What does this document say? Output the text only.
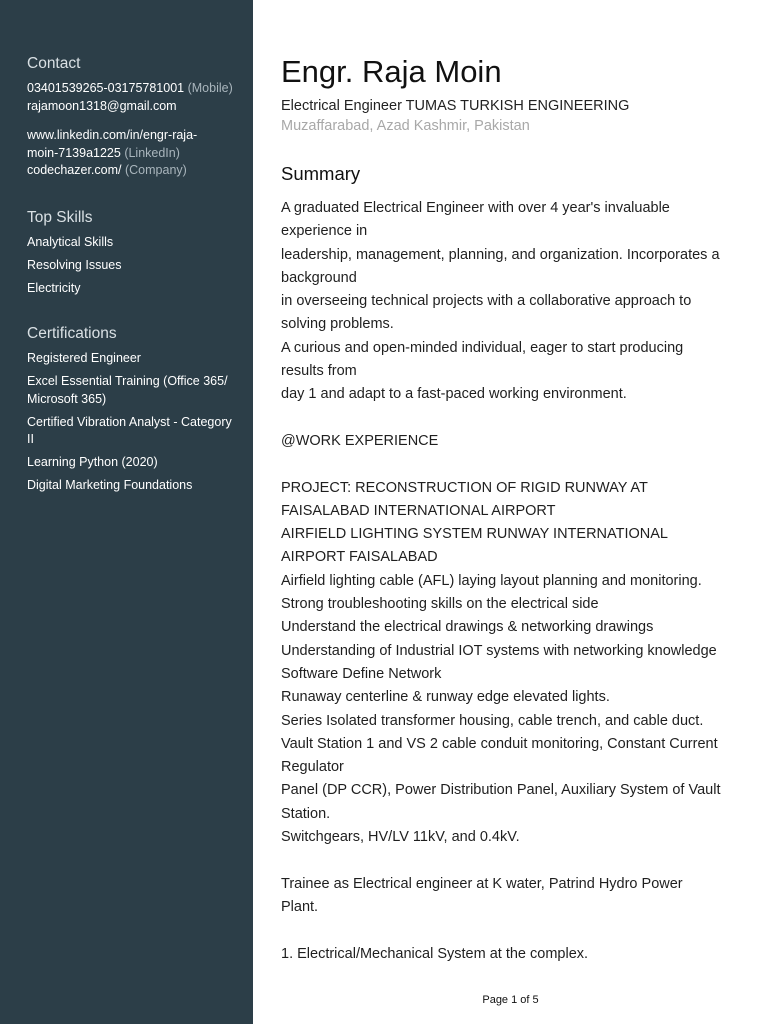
Contact
03401539265-03175781001 (Mobile)
rajamoon1318@gmail.com
www.linkedin.com/in/engr-raja-
moin-7139a1225 (LinkedIn)
codechazer.com/ (Company)
Top Skills
Analytical Skills
Resolving Issues
Electricity
Certifications
Registered Engineer
Excel Essential Training (Office 365/
Microsoft 365)
Certified Vibration Analyst - Category
II
Learning Python (2020)
Digital Marketing Foundations
Engr. Raja Moin
Electrical Engineer TUMAS TURKISH ENGINEERING
Muzaffarabad, Azad Kashmir, Pakistan
Summary
A graduated Electrical Engineer with over 4 year's invaluable
experience in
leadership, management, planning, and organization. Incorporates a
background
in overseeing technical projects with a collaborative approach to
solving problems.
A curious and open-minded individual, eager to start producing
results from
day 1 and adapt to a fast-paced working environment.
@WORK EXPERIENCE
PROJECT: RECONSTRUCTION OF RIGID RUNWAY AT
FAISALABAD INTERNATIONAL AIRPORT
AIRFIELD LIGHTING SYSTEM RUNWAY INTERNATIONAL
AIRPORT FAISALABAD
Airfield lighting cable (AFL) laying layout planning and monitoring.
Strong troubleshooting skills on the electrical side
Understand the electrical drawings & networking drawings
Understanding of Industrial IOT systems with networking knowledge
Software Define Network
Runaway centerline & runway edge elevated lights.
Series Isolated transformer housing, cable trench, and cable duct.
Vault Station 1 and VS 2 cable conduit monitoring, Constant Current
Regulator
Panel (DP CCR), Power Distribution Panel, Auxiliary System of Vault
Station.
Switchgears, HV/LV 11kV, and 0.4kV.
Trainee as Electrical engineer at K water, Patrind Hydro Power
Plant.
1. Electrical/Mechanical System at the complex.
Page 1 of 5
